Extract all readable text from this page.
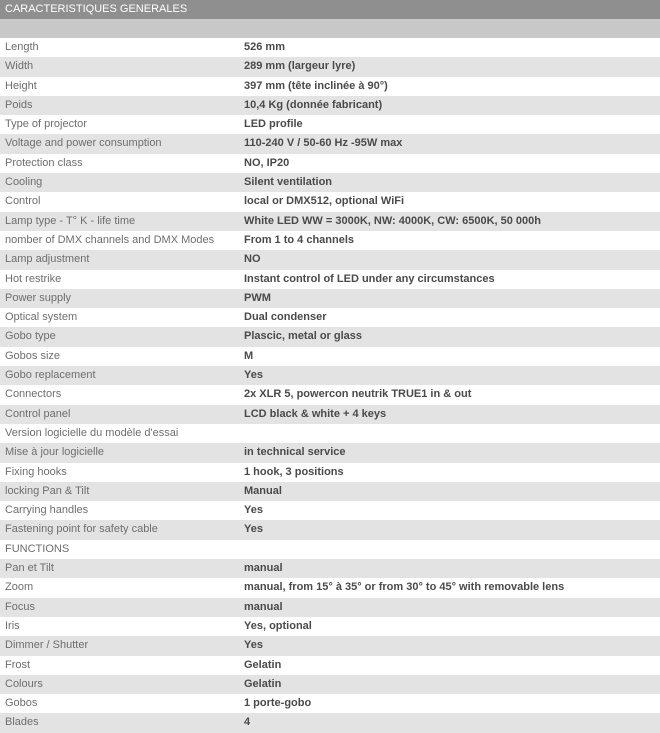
CARACTERISTIQUES GENERALES
Length	526 mm
Width	289 mm (largeur lyre)
Height	397 mm (tête inclinée à 90°)
Poids	10,4 Kg (donnée fabricant)
Type of projector	LED profile
Voltage and power consumption	110-240 V / 50-60 Hz -95W max
Protection class	NO, IP20
Cooling	Silent ventilation
Control	local or DMX512, optional WiFi
Lamp type - T° K - life time	White LED WW = 3000K, NW: 4000K, CW: 6500K, 50 000h
nomber of DMX channels and DMX Modes	From 1 to 4 channels
Lamp adjustment	NO
Hot restrike	Instant control of LED under any circumstances
Power supply	PWM
Optical system	Dual condenser
Gobo type	Plascic, metal or glass
Gobos size	M
Gobo replacement	Yes
Connectors	2x XLR 5, powercon neutrik TRUE1 in & out
Control panel	LCD black & white + 4 keys
Version logicielle du modèle d'essai
Mise à jour logicielle	in technical service
Fixing hooks	1 hook, 3 positions
locking Pan & Tilt	Manual
Carrying handles	Yes
Fastening point for safety cable	Yes
FUNCTIONS
Pan et Tilt	manual
Zoom	manual, from 15° à 35° or from 30° to 45° with removable lens
Focus	manual
Iris	Yes, optional
Dimmer / Shutter	Yes
Frost	Gelatin
Colours	Gelatin
Gobos	1 porte-gobo
Blades	4
